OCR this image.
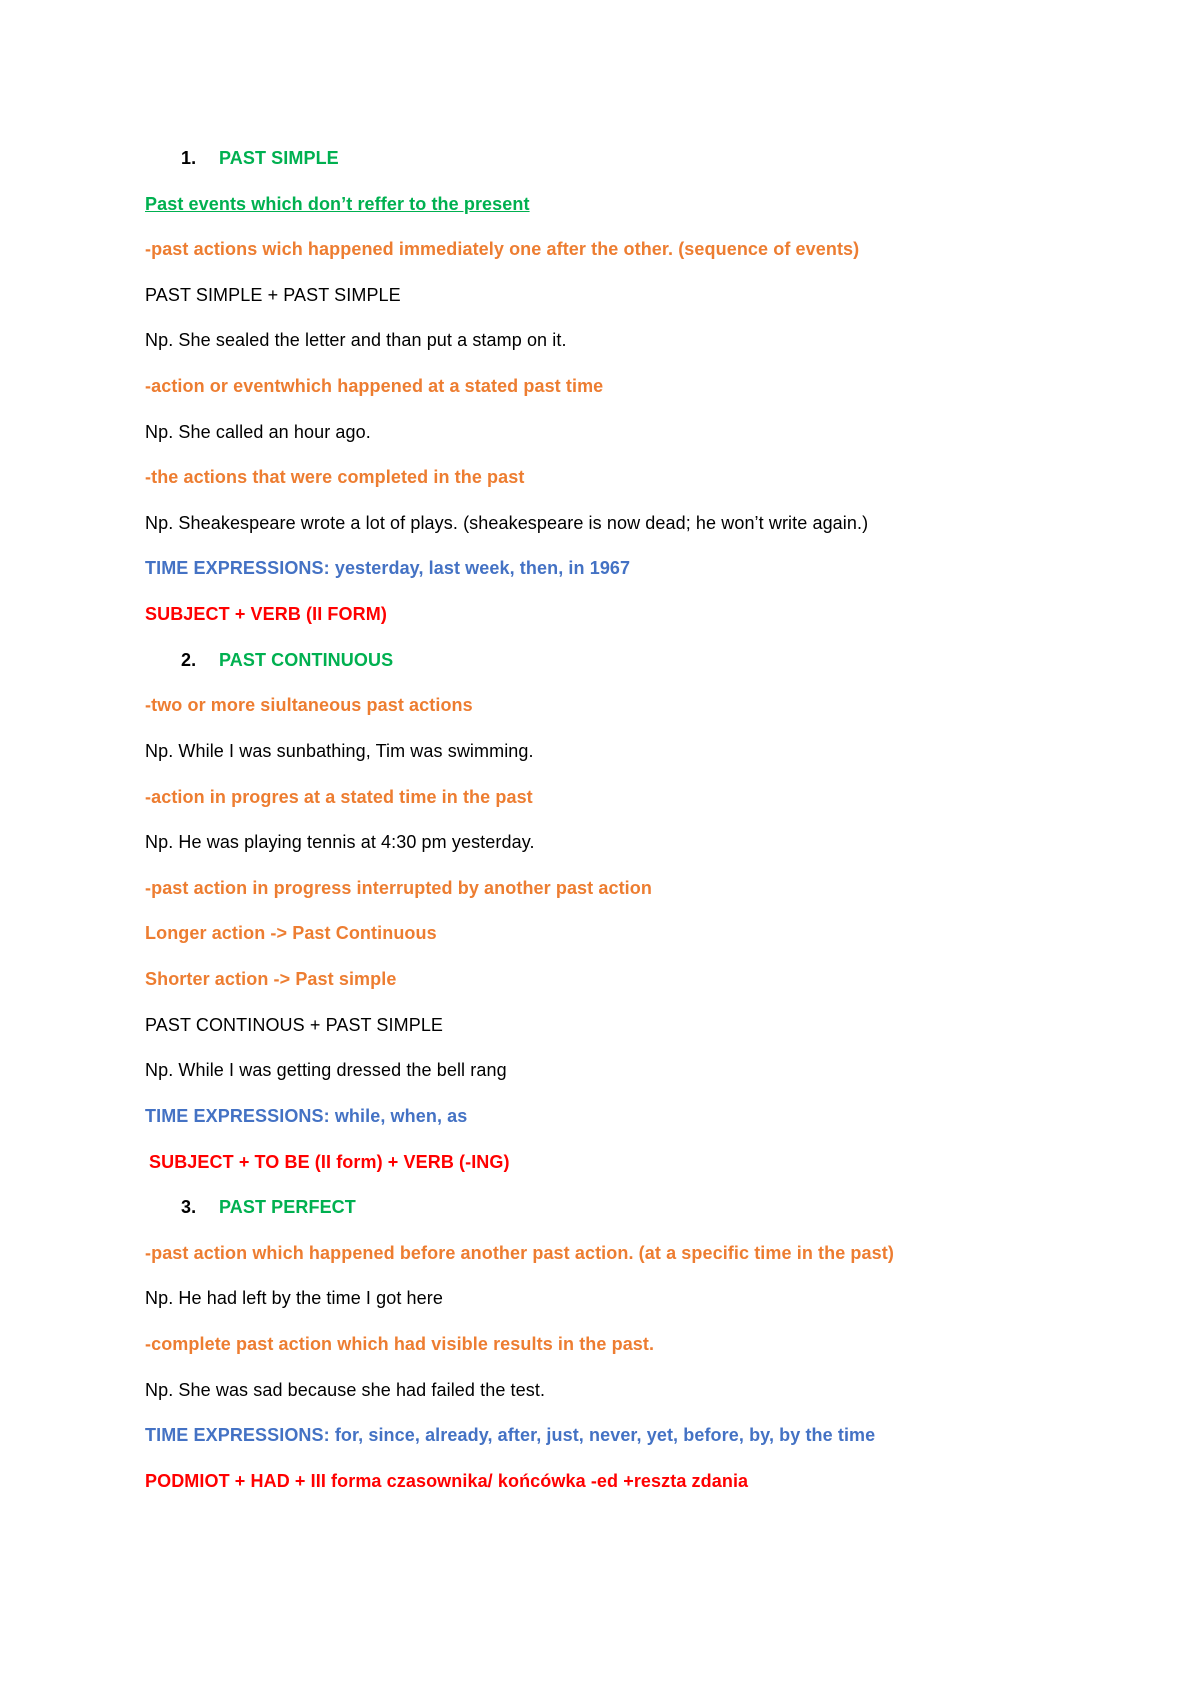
1. PAST SIMPLE
Past events which don’t reffer to the present
-past actions wich happened immediately one after the other. (sequence of events)
PAST SIMPLE + PAST SIMPLE
Np. She sealed the letter and than put a stamp on it.
-action or eventwhich happened at a stated past time
Np. She called an hour ago.
-the actions that were completed in the past
Np. Sheakespeare wrote a lot of plays. (sheakespeare is now dead; he won’t write again.)
TIME EXPRESSIONS: yesterday, last week, then, in 1967
SUBJECT + VERB (II FORM)
2. PAST CONTINUOUS
-two or more siultaneous past actions
Np. While I was sunbathing, Tim was swimming.
-action in progres at a stated time in the past
Np. He was playing tennis at 4:30 pm yesterday.
-past action in progress interrupted by another past action
Longer action -> Past Continuous
Shorter action -> Past simple
PAST CONTINOUS + PAST SIMPLE
Np. While I was getting dressed the bell rang
TIME EXPRESSIONS: while, when, as
SUBJECT + TO BE (II form) + VERB (-ING)
3. PAST PERFECT
-past action which happened before another past action. (at a specific time in the past)
Np. He had left by the time I got here
-complete past action which had visible results in the past.
Np. She was sad because she had failed the test.
TIME EXPRESSIONS: for, since, already, after, just, never, yet, before, by, by the time
PODMIOT + HAD + III forma czasownika/ końcówka -ed +reszta zdania
